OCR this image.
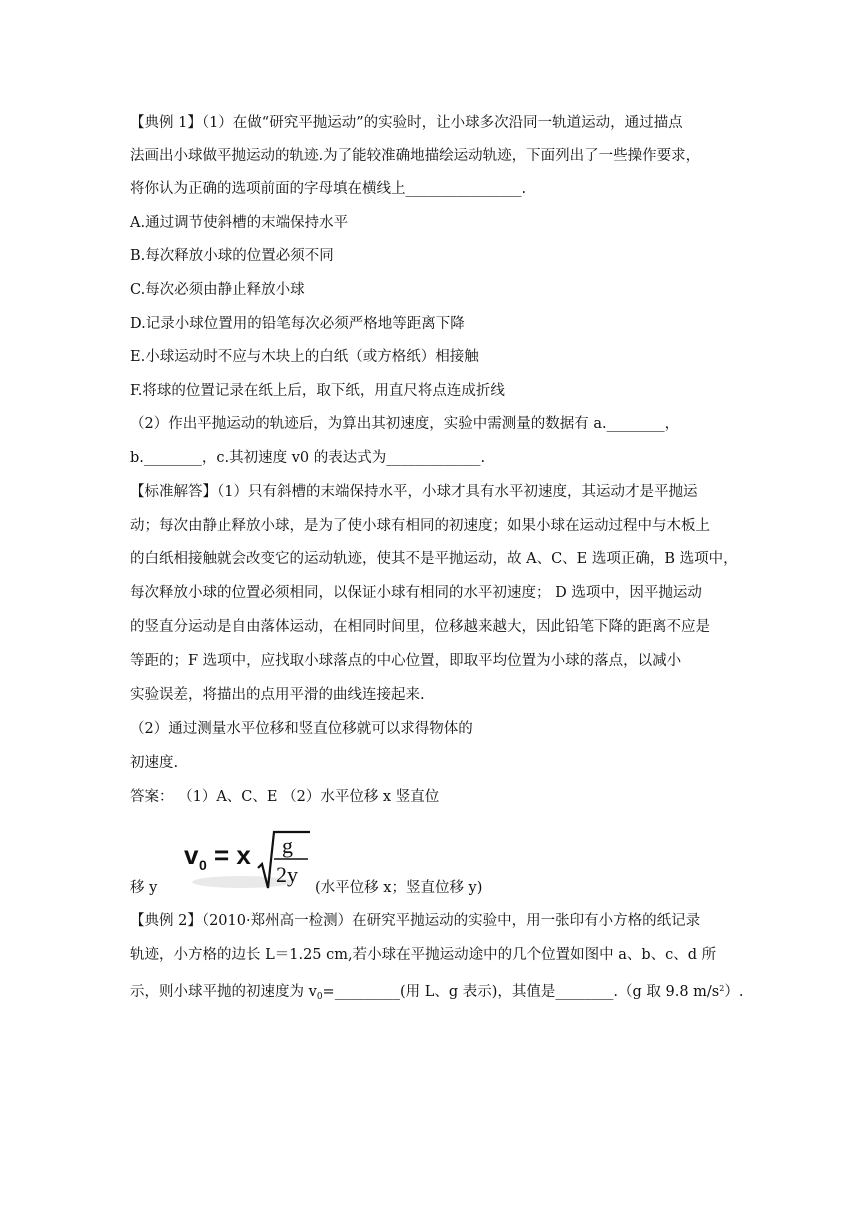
【典例 1】（1）在做“研究平抛运动”的实验时，让小球多次沿同一轨道运动，通过描点
法画出小球做平抛运动的轨迹.为了能较准确地描绘运动轨迹，下面列出了一些操作要求，
将你认为正确的选项前面的字母填在横线上________________.
A.通过调节使斜槽的末端保持水平
B.每次释放小球的位置必须不同
C.每次必须由静止释放小球
D.记录小球位置用的铅笔每次必须严格地等距离下降
E.小球运动时不应与木块上的白纸（或方格纸）相接触
F.将球的位置记录在纸上后，取下纸，用直尺将点连成折线
（2）作出平抛运动的轨迹后，为算出其初速度，实验中需测量的数据有 a.________，
b.________，c.其初速度 v0 的表达式为_____________.
【标准解答】（1）只有斜槽的末端保持水平，小球才具有水平初速度，其运动才是平抛运
动；每次由静止释放小球，是为了使小球有相同的初速度；如果小球在运动过程中与木板上
的白纸相接触就会改变它的运动轨迹，使其不是平抛运动，故 A、C、E 选项正确，B 选项中，
每次释放小球的位置必须相同，以保证小球有相同的水平初速度； D 选项中，因平抛运动
的竖直分运动是自由落体运动，在相同时间里，位移越来越大，因此铅笔下降的距离不应是
等距的；F 选项中，应找取小球落点的中心位置，即取平均位置为小球的落点，以减小
实验误差，将描出的点用平滑的曲线连接起来.
（2）通过测量水平位移和竖直位移就可以求得物体的
初速度.
答案： （1）A、C、E （2）水平位移 x 竖直位
v 0 = x g
2y
移 y	(水平位移 x；竖直位移 y)
【典例 2】（2010·郑州高一检测）在研究平抛运动的实验中，用一张印有小方格的纸记录
轨迹，小方格的边长 L＝1.25 cm,若小球在平抛运动途中的几个位置如图中 a、b、c、d 所
示，则小球平抛的初速度为 $v_0=\_\_\_\_\_\_\_\_\_$(用 L、g 表示)，其值是________.（g 取 9.8 $m/s^2$）.
